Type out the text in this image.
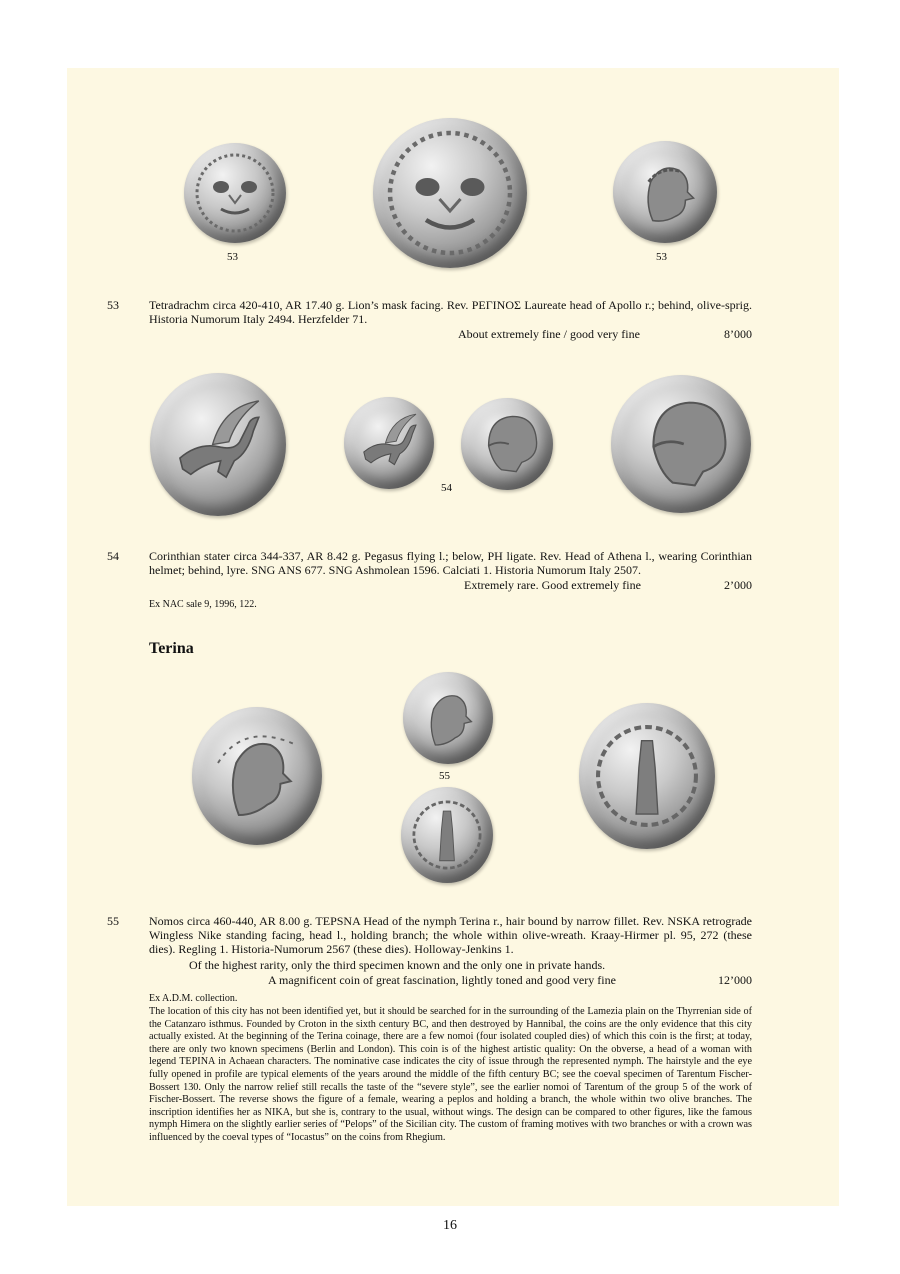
53	53
53	Tetradrachm circa 420-410, AR 17.40 g. Lion’s mask facing. Rev. ΡΕΓΙΝΟΣ Laureate head of Apollo r.; behind, olive-sprig. Historia Numorum Italy 2494. Herzfelder 71.
About extremely fine / good very fine	8’000
54
54	Corinthian stater circa 344-337, AR 8.42 g. Pegasus flying l.; below, PH ligate. Rev. Head of Athena l., wearing Corinthian helmet; behind, lyre. SNG ANS 677. SNG Ashmolean 1596. Calciati 1. Historia Numorum Italy 2507.
Extremely rare. Good extremely fine	2’000
Ex NAC sale 9, 1996, 122.
Terina
55
55	Nomos circa 460-440, AR 8.00 g. TEPSNA Head of the nymph Terina r., hair bound by narrow fillet. Rev. NSKA retrograde Wingless Nike standing facing, head l., holding branch; the whole within olive-wreath. Kraay-Hirmer pl. 95, 272 (these dies). Regling 1. Historia-Numorum 2567 (these dies). Holloway-Jenkins 1.
Of the highest rarity, only the third specimen known and the only one in private hands.
A magnificent coin of great fascination, lightly toned and good very fine	12’000
Ex A.D.M. collection.
The location of this city has not been identified yet, but it should be searched for in the surrounding of the Lamezia plain on the Thyrrenian side of the Catanzaro isthmus. Founded by Croton in the sixth century BC, and then destroyed by Hannibal, the coins are the only evidence that this city actually existed. At the beginning of the Terina coinage, there are a few nomoi (four isolated coupled dies) of which this coin is the first; at today, there are only two known specimens (Berlin and London). This coin is of the highest artistic quality: On the obverse, a head of a woman with legend TEPINA in Achaean characters. The nominative case indicates the city of issue through the represented nymph. The hairstyle and the eye fully opened in profile are typical elements of the years around the middle of the fifth century BC; see the coeval specimen of Tarentum Fischer-Bossert 130. Only the narrow relief still recalls the taste of the “severe style”, see the earlier nomoi of Tarentum of the group 5 of the work of Fischer-Bossert. The reverse shows the figure of a female, wearing a peplos and holding a branch, the whole within two olive branches. The inscription identifies her as NIKA, but she is, contrary to the usual, without wings. The design can be compared to other figures, like the famous nymph Himera on the slightly earlier series of “Pelops” of the Sicilian city. The custom of framing motives with two branches or with a crown was influenced by the coeval types of “Iocastus” on the coins from Rhegium.
16
